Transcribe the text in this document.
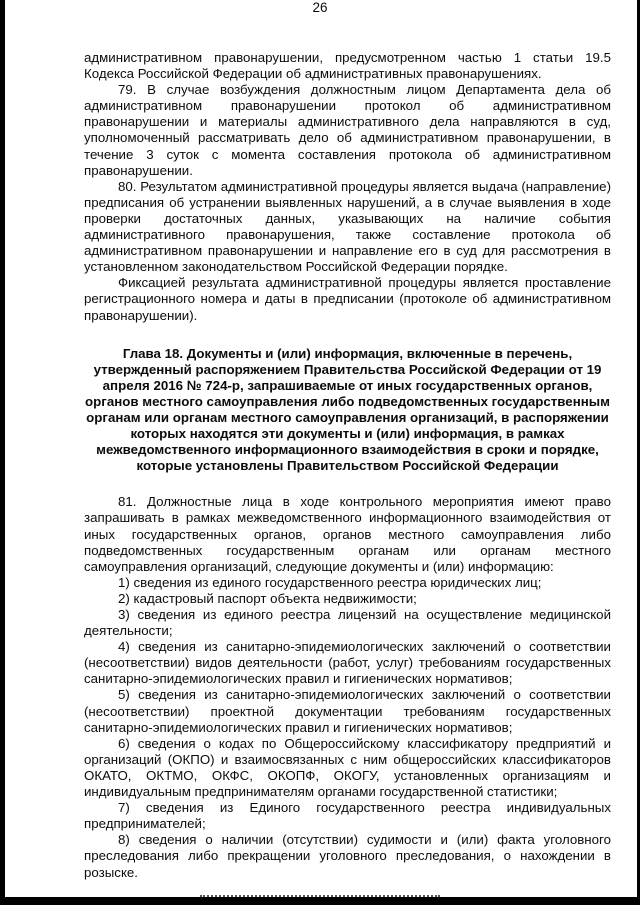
26

административном правонарушении, предусмотренном частью 1 статьи 19.5 Кодекса Российской Федерации об административных правонарушениях.

79. В случае возбуждения должностным лицом Департамента дела об административном правонарушении протокол об административном правонарушении и материалы административного дела направляются в суд, уполномоченный рассматривать дело об административном правонарушении, в течение 3 суток с момента составления протокола об административном правонарушении.

80. Результатом административной процедуры является выдача (направление) предписания об устранении выявленных нарушений, а в случае выявления в ходе проверки достаточных данных, указывающих на наличие события административного правонарушения, также составление протокола об административном правонарушении и направление его в суд для рассмотрения в установленном законодательством Российской Федерации порядке.

Фиксацией результата административной процедуры является проставление регистрационного номера и даты в предписании (протоколе об административном правонарушении).

Глава 18. Документы и (или) информация, включенные в перечень, утвержденный распоряжением Правительства Российской Федерации от 19 апреля 2016 № 724-р, запрашиваемые от иных государственных органов, органов местного самоуправления либо подведомственных государственным органам или органам местного самоуправления организаций, в распоряжении которых находятся эти документы и (или) информация, в рамках межведомственного информационного взаимодействия в сроки и порядке, которые установлены Правительством Российской Федерации

81. Должностные лица в ходе контрольного мероприятия имеют право запрашивать в рамках межведомственного информационного взаимодействия от иных государственных органов, органов местного самоуправления либо подведомственных государственным органам или органам местного самоуправления организаций, следующие документы и (или) информацию:

1) сведения из единого государственного реестра юридических лиц;

2) кадастровый паспорт объекта недвижимости;

3) сведения из единого реестра лицензий на осуществление медицинской деятельности;

4) сведения из санитарно-эпидемиологических заключений о соответствии (несоответствии) видов деятельности (работ, услуг) требованиям государственных санитарно-эпидемиологических правил и гигиенических нормативов;

5) сведения из санитарно-эпидемиологических заключений о соответствии (несоответствии) проектной документации требованиям государственных санитарно-эпидемиологических правил и гигиенических нормативов;

6) сведения о кодах по Общероссийскому классификатору предприятий и организаций (ОКПО) и взаимосвязанных с ним общероссийских классификаторов ОКАТО, ОКТМО, ОКФС, ОКОПФ, ОКОГУ, установленных организациям и индивидуальным предпринимателям органами государственной статистики;

7) сведения из Единого государственного реестра индивидуальных предпринимателей;

8) сведения о наличии (отсутствии) судимости и (или) факта уголовного преследования либо прекращении уголовного преследования, о нахождении в розыске.
